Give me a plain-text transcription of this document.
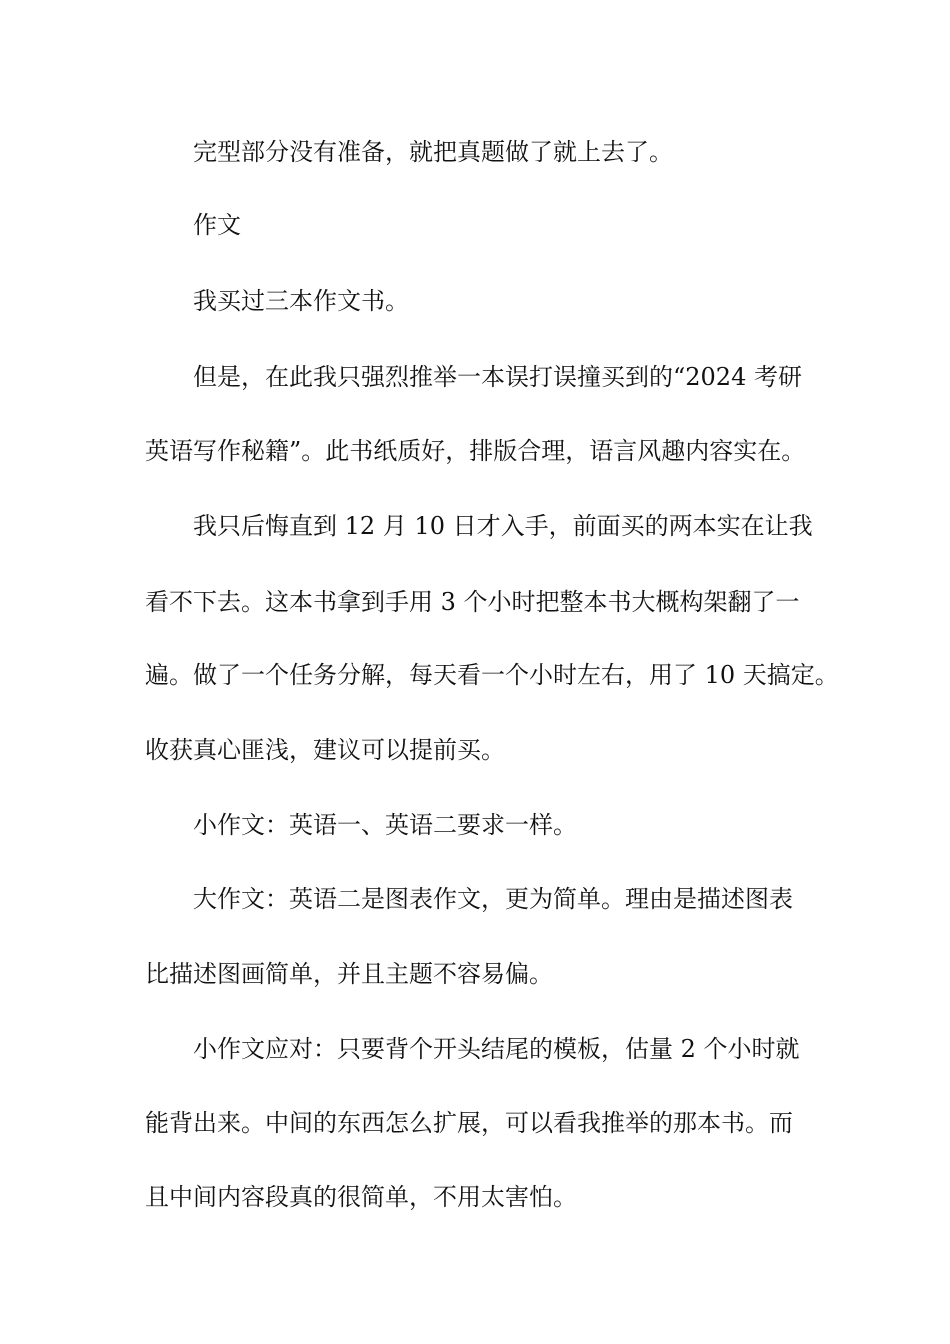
完型部分没有准备，就把真题做了就上去了。

作文

我买过三本作文书。

但是，在此我只强烈推举一本误打误撞买到的“2024 考研

英语写作秘籍”。此书纸质好，排版合理，语言风趣内容实在。

我只后悔直到 12 月 10 日才入手，前面买的两本实在让我

看不下去。这本书拿到手用 3 个小时把整本书大概构架翻了一

遍。做了一个任务分解，每天看一个小时左右，用了 10 天搞定。

收获真心匪浅，建议可以提前买。

小作文：英语一、英语二要求一样。

大作文：英语二是图表作文，更为简单。理由是描述图表

比描述图画简单，并且主题不容易偏。

小作文应对：只要背个开头结尾的模板，估量 2 个小时就

能背出来。中间的东西怎么扩展，可以看我推举的那本书。而

且中间内容段真的很简单，不用太害怕。
